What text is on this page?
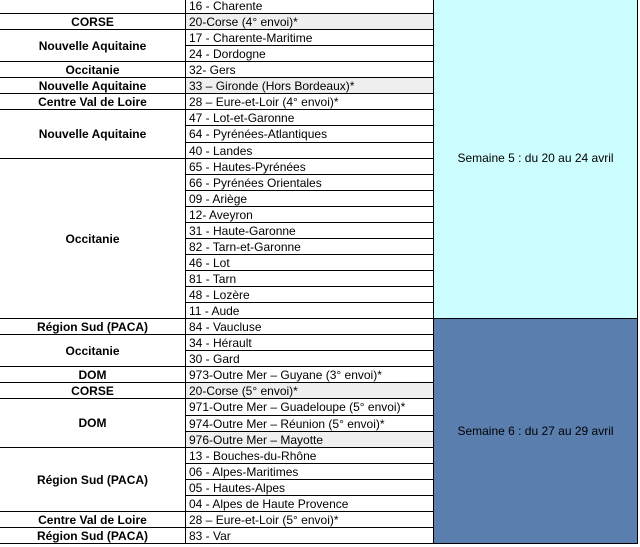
CORSE
Nouvelle Aquitaine
Occitanie
Nouvelle Aquitaine
Centre Val de Loire
Nouvelle Aquitaine
Occitanie
Région Sud (PACA)
Occitanie
DOM
CORSE
DOM
Région Sud (PACA)
Centre Val de Loire
Région Sud (PACA)
16 - Charente
20-Corse (4° envoi)*
17 - Charente-Maritime
24 - Dordogne
32- Gers
33 – Gironde (Hors Bordeaux)*
28 – Eure-et-Loir (4° envoi)*
47 - Lot-et-Garonne
64 - Pyrénées-Atlantiques
40 - Landes
65 - Hautes-Pyrénées
66 - Pyrénées Orientales
09 - Ariège
12- Aveyron
31 - Haute-Garonne
82 - Tarn-et-Garonne
46 - Lot
81 - Tarn
48 - Lozère
11 - Aude
84 - Vaucluse
34 - Hérault
30 - Gard
973-Outre Mer – Guyane (3° envoi)*
20-Corse (5° envoi)*
971-Outre Mer – Guadeloupe (5° envoi)*
974-Outre Mer – Réunion (5° envoi)*
976-Outre Mer – Mayotte
13 - Bouches-du-Rhône
06 - Alpes-Maritimes
05 - Hautes-Alpes
04 - Alpes de Haute Provence
28 – Eure-et-Loir (5° envoi)*
83 - Var
Semaine 5 : du 20 au 24 avril
Semaine 6 : du 27 au 29 avril
